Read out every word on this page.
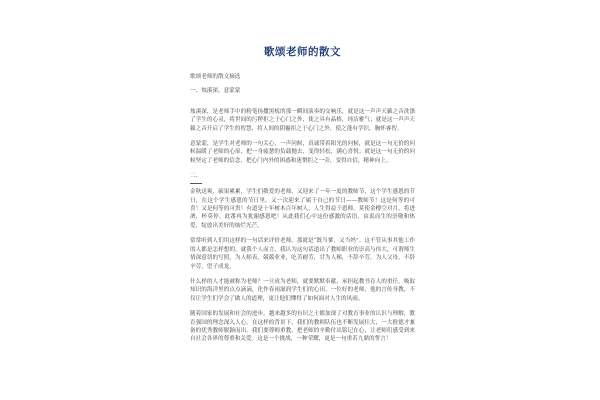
歌颂老师的散文

歌颂老师的散文摘选

一、烛溪深，意蒙蒙

烛溪深，是老师手中的粉笔扬撒黑板的那一瞬间演奏的交响乐，就是这一声声天籁之音洗涤了学生的心灵，将世间的污秽拒之于心门之外，使之具有晶格，纯洁雅气；就是这一声声天籁之音开启了学生的智慧，将人间的阴霾拒之于心门之外，使之蓬有学识，胸怀睿智。

意蒙蒙，是学生对老师的一句关心，一声问候，真诚带着阳光的问候，就是这一句无价的问候温暖了老师的心扉，把一身疲惫的负载抛去，变得轻松，满心喜悦；就是这一句无价的问候坚定了老师的信念，把心门内外的困惑和迷惘拒之一旁，变得自信，精神向上。

二、

金秋送爽，硕果累累，学生们敬爱的老师，又迎来了一年一度的教师节，这个学生感恩的节日，在这个学生感恩的节日里，又一次迎来了属于自己的节日——教师节！这是何等的可喜！又是何等的可贵！有道是十年树木百年树人，人生得益于恩师，莫使金樽空对月，将进酒，杯莫停。此番再为犹谢感恩吧！从此我们心中这份感激的话语，由衷而生的崇敬和热爱，绽放出美好的灿烂光芒。

常常听到人们用这样的一句话来评价老师，那就是“既当爹，又当妈”。这不管从事其他工作的人都是怎样想的，就我个人而言，我认为这句话道出了教师职业的崇高与伟大，可谓师生情深意切的写照。为人师表，兢兢业业，吃苦耐劳，甘为人梯，不辞辛劳，为人父母，不辞辛劳，望子成龙。

什么样的人才能被称为老师？一旦成为老师，就要默默奉献，承担起教书育人的重任，吸取知识的海洋里的点点滴滴，化作春雨滋润学生们的心田。一位好的老师，他的言传身教，不仅让学生们学会了做人的道理，更让他们懂得了如何面对人生的风雨。

随着国家的发展和社会的进步，越来越多的有识之士都加深了对教育事业的认识与理解，教育强国的理念深入人心。在这样的背景下，我们的教师队伍也不断发展壮大，一大批德才兼备的优秀教师脱颖而出。我们要尊师重教，把老师的辛勤付出铭记在心，让老师们感受到来自社会各界的尊重和关爱。这是一个挑战，一种荣耀，更是一句重若九鼎的誓言！
